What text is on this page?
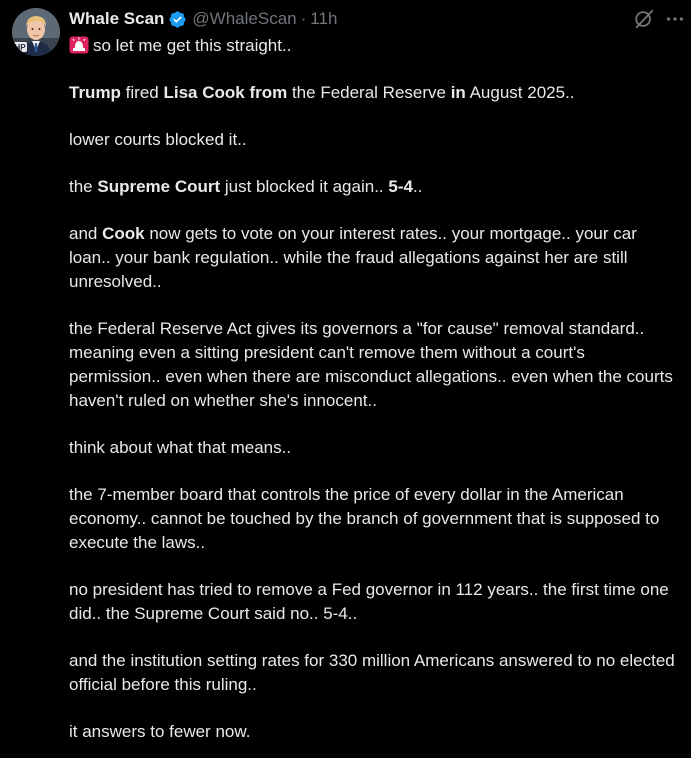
HP
Whale Scan @WhaleScan · 11h

so let me get this straight..

Trump fired Lisa Cook from the Federal Reserve in August 2025..

lower courts blocked it..

the Supreme Court just blocked it again.. 5-4..

and Cook now gets to vote on your interest rates.. your mortgage.. your car loan.. your bank regulation.. while the fraud allegations against her are still unresolved..

the Federal Reserve Act gives its governors a "for cause" removal standard.. meaning even a sitting president can't remove them without a court's permission.. even when there are misconduct allegations.. even when the courts haven't ruled on whether she's innocent..

think about what that means..

the 7-member board that controls the price of every dollar in the American economy.. cannot be touched by the branch of government that is supposed to execute the laws..

no president has tried to remove a Fed governor in 112 years.. the first time one did.. the Supreme Court said no.. 5-4..

and the institution setting rates for 330 million Americans answered to no elected official before this ruling..

it answers to fewer now.
